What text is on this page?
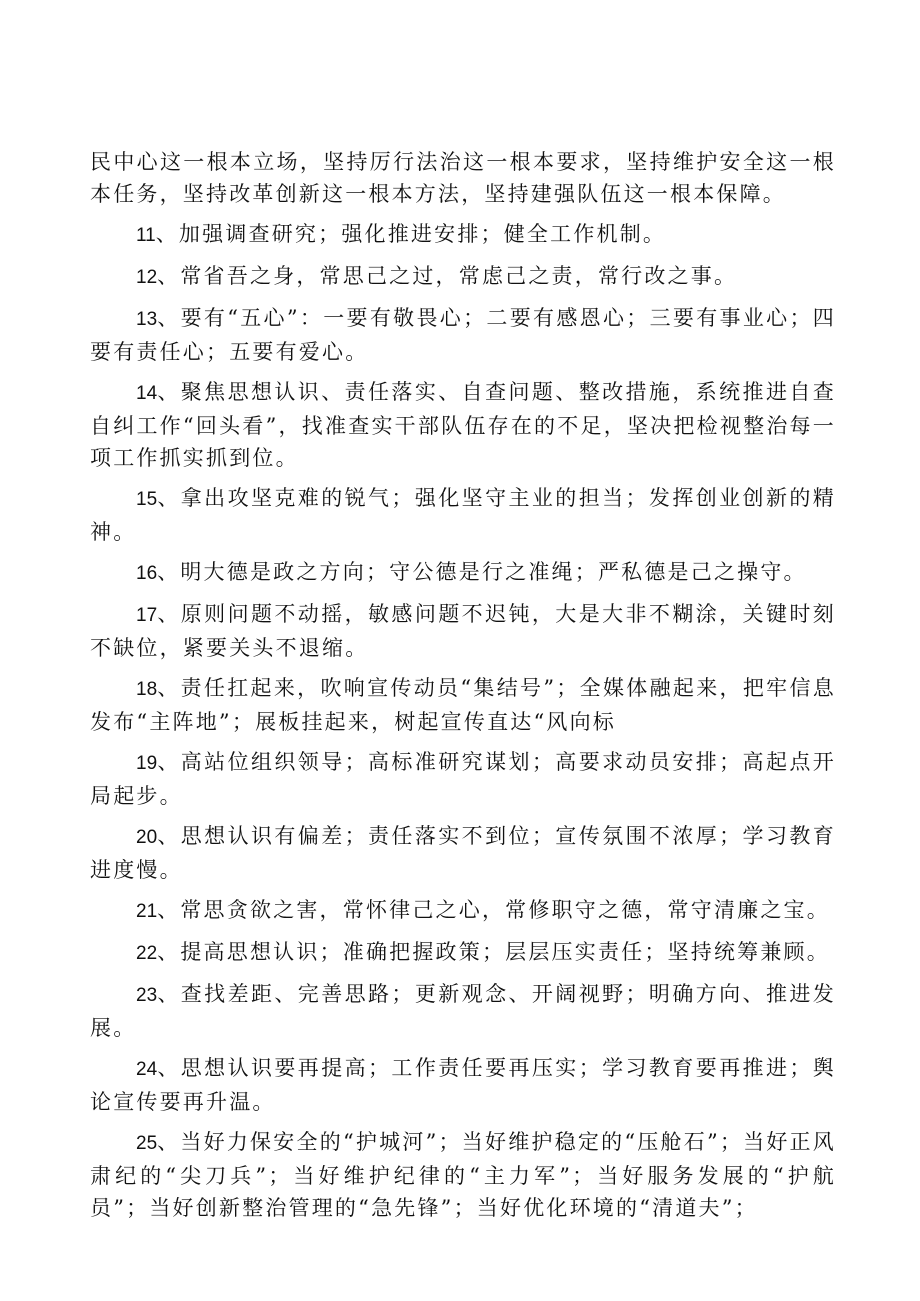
民中心这一根本立场，坚持厉行法治这一根本要求，坚持维护安全这一根本任务，坚持改革创新这一根本方法，坚持建强队伍这一根本保障。

11、加强调查研究；强化推进安排；健全工作机制。

12、常省吾之身，常思己之过，常虑己之责，常行改之事。

13、要有“五心”：一要有敬畏心；二要有感恩心；三要有事业心；四要有责任心；五要有爱心。

14、聚焦思想认识、责任落实、自查问题、整改措施，系统推进自查自纠工作“回头看”，找准查实干部队伍存在的不足，坚决把检视整治每一项工作抓实抓到位。

15、拿出攻坚克难的锐气；强化坚守主业的担当；发挥创业创新的精神。

16、明大德是政之方向；守公德是行之准绳；严私德是己之操守。

17、原则问题不动摇，敏感问题不迟钝，大是大非不糊涂，关键时刻不缺位，紧要关头不退缩。

18、责任扛起来，吹响宣传动员“集结号”；全媒体融起来，把牢信息发布“主阵地”；展板挂起来，树起宣传直达“风向标

19、高站位组织领导；高标准研究谋划；高要求动员安排；高起点开局起步。

20、思想认识有偏差；责任落实不到位；宣传氛围不浓厚；学习教育进度慢。

21、常思贪欲之害，常怀律己之心，常修职守之德，常守清廉之宝。

22、提高思想认识；准确把握政策；层层压实责任；坚持统筹兼顾。

23、查找差距、完善思路；更新观念、开阔视野；明确方向、推进发展。

24、思想认识要再提高；工作责任要再压实；学习教育要再推进；舆论宣传要再升温。

25、当好力保安全的“护城河”；当好维护稳定的“压舱石”；当好正风肃纪的“尖刀兵”；当好维护纪律的“主力军”；当好服务发展的“护航员”；当好创新整治管理的“急先锋”；当好优化环境的“清道夫”；
